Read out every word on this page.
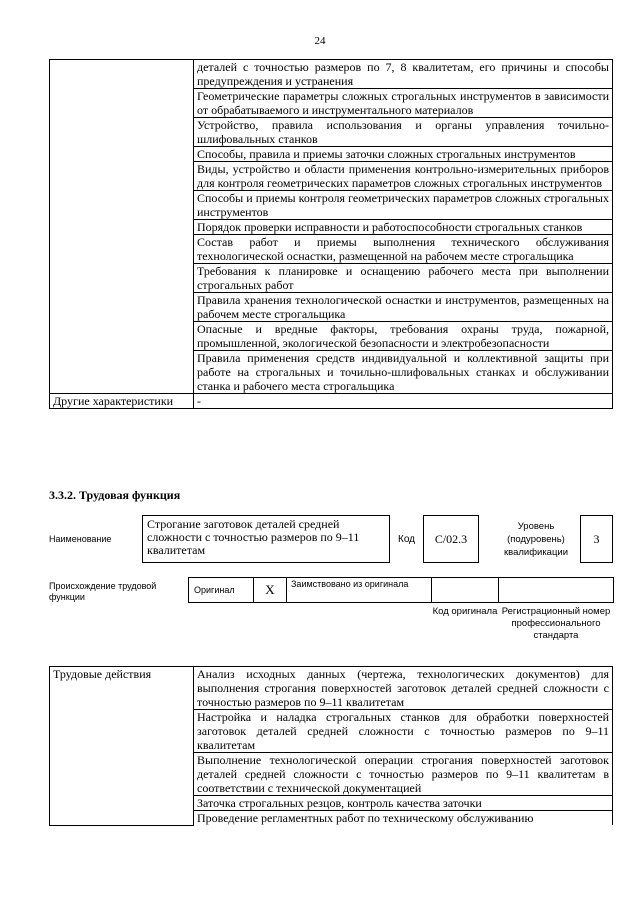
24
	деталей с точностью размеров по 7, 8 квалитетам, его причины и способы предупреждения и устранения
	Геометрические параметры сложных строгальных инструментов в зависимости от обрабатываемого и инструментального материалов
	Устройство, правила использования и органы управления точильно-шлифовальных станков
	Способы, правила и приемы заточки сложных строгальных инструментов
	Виды, устройство и области применения контрольно-измерительных приборов для контроля геометрических параметров сложных строгальных инструментов
	Способы и приемы контроля геометрических параметров сложных строгальных инструментов
	Порядок проверки исправности и работоспособности строгальных станков
	Состав работ и приемы выполнения технического обслуживания технологической оснастки, размещенной на рабочем месте строгальщика
	Требования к планировке и оснащению рабочего места при выполнении строгальных работ
	Правила хранения технологической оснастки и инструментов, размещенных на рабочем месте строгальщика
	Опасные и вредные факторы, требования охраны труда, пожарной, промышленной, экологической безопасности и электробезопасности
	Правила применения средств индивидуальной и коллективной защиты при работе на строгальных и точильно-шлифовальных станках и обслуживании станка и рабочего места строгальщика
Другие характеристики	-
3.3.2. Трудовая функция
Наименование
Строгание заготовок деталей средней сложности с точностью размеров по 9–11 квалитетам
Код	C/02.3
Уровень (подуровень) квалификации
3
Происхождение трудовой функции
Оригинал	X	Заимствовано из оригинала
Код оригинала Регистрационный номер профессионального стандарта
Трудовые действия	Анализ исходных данных (чертежа, технологических документов) для выполнения строгания поверхностей заготовок деталей средней сложности с точностью размеров по 9–11 квалитетам
Настройка и наладка строгальных станков для обработки поверхностей заготовок деталей средней сложности с точностью размеров по 9–11 квалитетам
Выполнение технологической операции строгания поверхностей заготовок деталей средней сложности с точностью размеров по 9–11 квалитетам в соответствии с технической документацией
Заточка строгальных резцов, контроль качества заточки
Проведение регламентных работ по техническому обслуживанию
